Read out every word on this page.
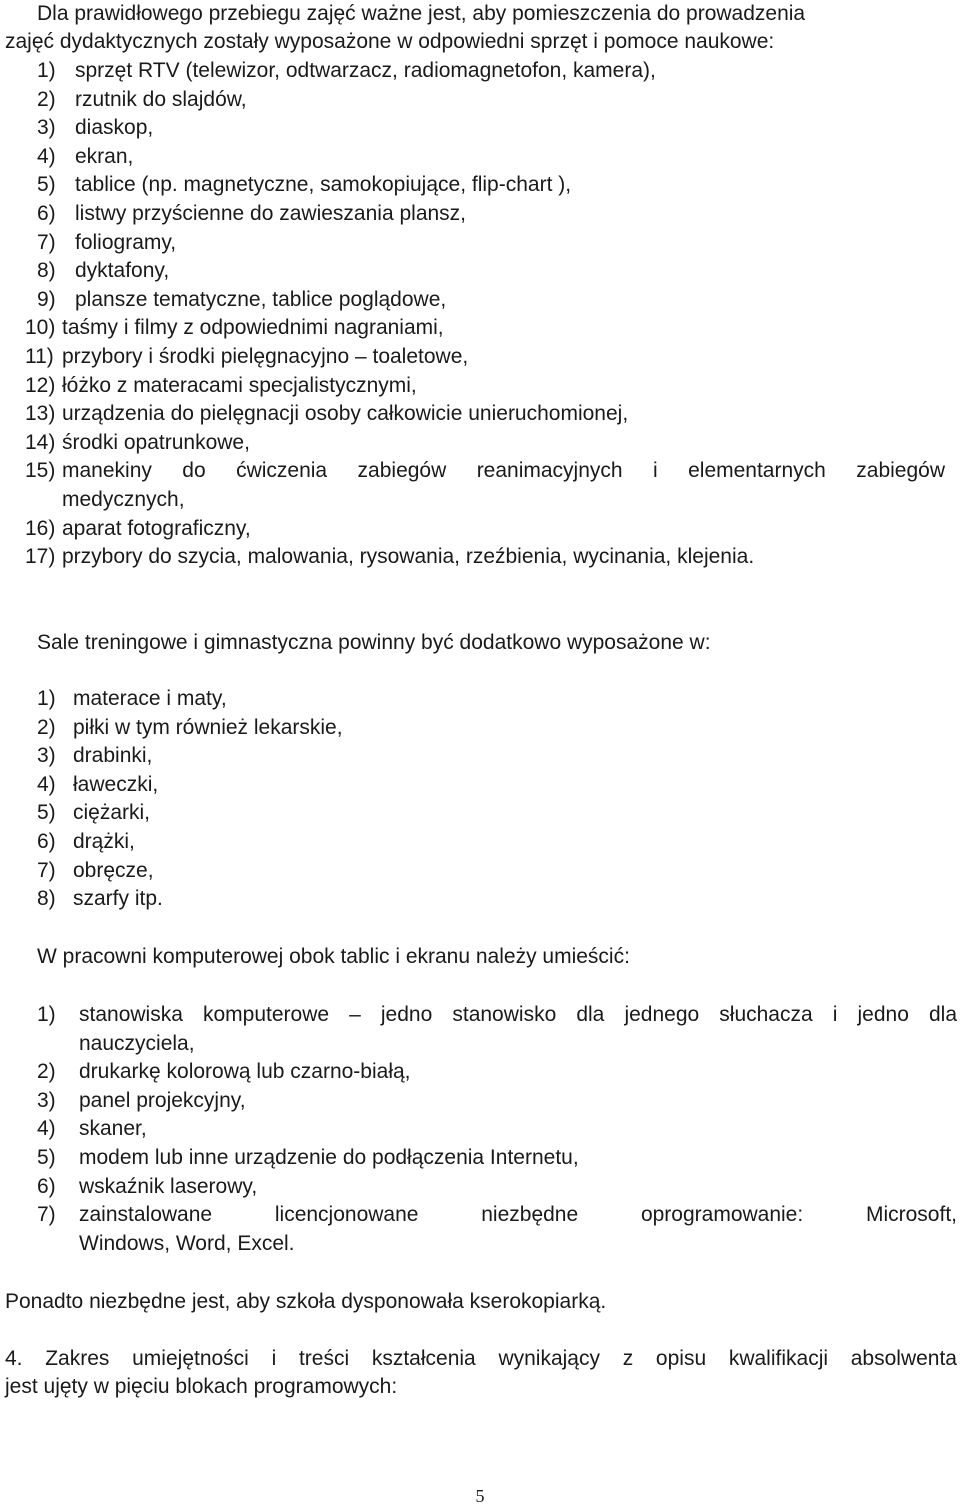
Dla prawidłowego przebiegu zajęć ważne jest, aby pomieszczenia do prowadzenia
zajęć dydaktycznych zostały wyposażone w odpowiedni sprzęt i pomoce naukowe:
1) sprzęt RTV (telewizor, odtwarzacz, radiomagnetofon, kamera),
2) rzutnik do slajdów,
3) diaskop,
4) ekran,
5) tablice (np. magnetyczne, samokopiujące, flip-chart ),
6) listwy przyścienne do zawieszania plansz,
7) foliogramy,
8) dyktafony,
9) plansze tematyczne, tablice poglądowe,
10) taśmy i filmy z odpowiednimi nagraniami,
11) przybory i środki pielęgnacyjno – toaletowe,
12) łóżko z materacami specjalistycznymi,
13) urządzenia do pielęgnacji osoby całkowicie unieruchomionej,
14) środki opatrunkowe,
15) manekiny do ćwiczenia zabiegów reanimacyjnych i elementarnych zabiegów
medycznych,
16) aparat fotograficzny,
17) przybory do szycia, malowania, rysowania, rzeźbienia, wycinania, klejenia.
Sale treningowe i gimnastyczna powinny być dodatkowo wyposażone w:
1) materace i maty,
2) piłki w tym również lekarskie,
3) drabinki,
4) ławeczki,
5) ciężarki,
6) drążki,
7) obręcze,
8) szarfy itp.
W pracowni komputerowej obok tablic i ekranu należy umieścić:
1) stanowiska komputerowe – jedno stanowisko dla jednego słuchacza i jedno dla
nauczyciela,
2) drukarkę kolorową lub czarno-białą,
3) panel projekcyjny,
4) skaner,
5) modem lub inne urządzenie do podłączenia Internetu,
6) wskaźnik laserowy,
7) zainstalowane licencjonowane niezbędne oprogramowanie: Microsoft,
Windows, Word, Excel.
Ponadto niezbędne jest, aby szkoła dysponowała kserokopiarką.
4. Zakres umiejętności i treści kształcenia wynikający z opisu kwalifikacji absolwenta
jest ujęty w pięciu blokach programowych:
5
